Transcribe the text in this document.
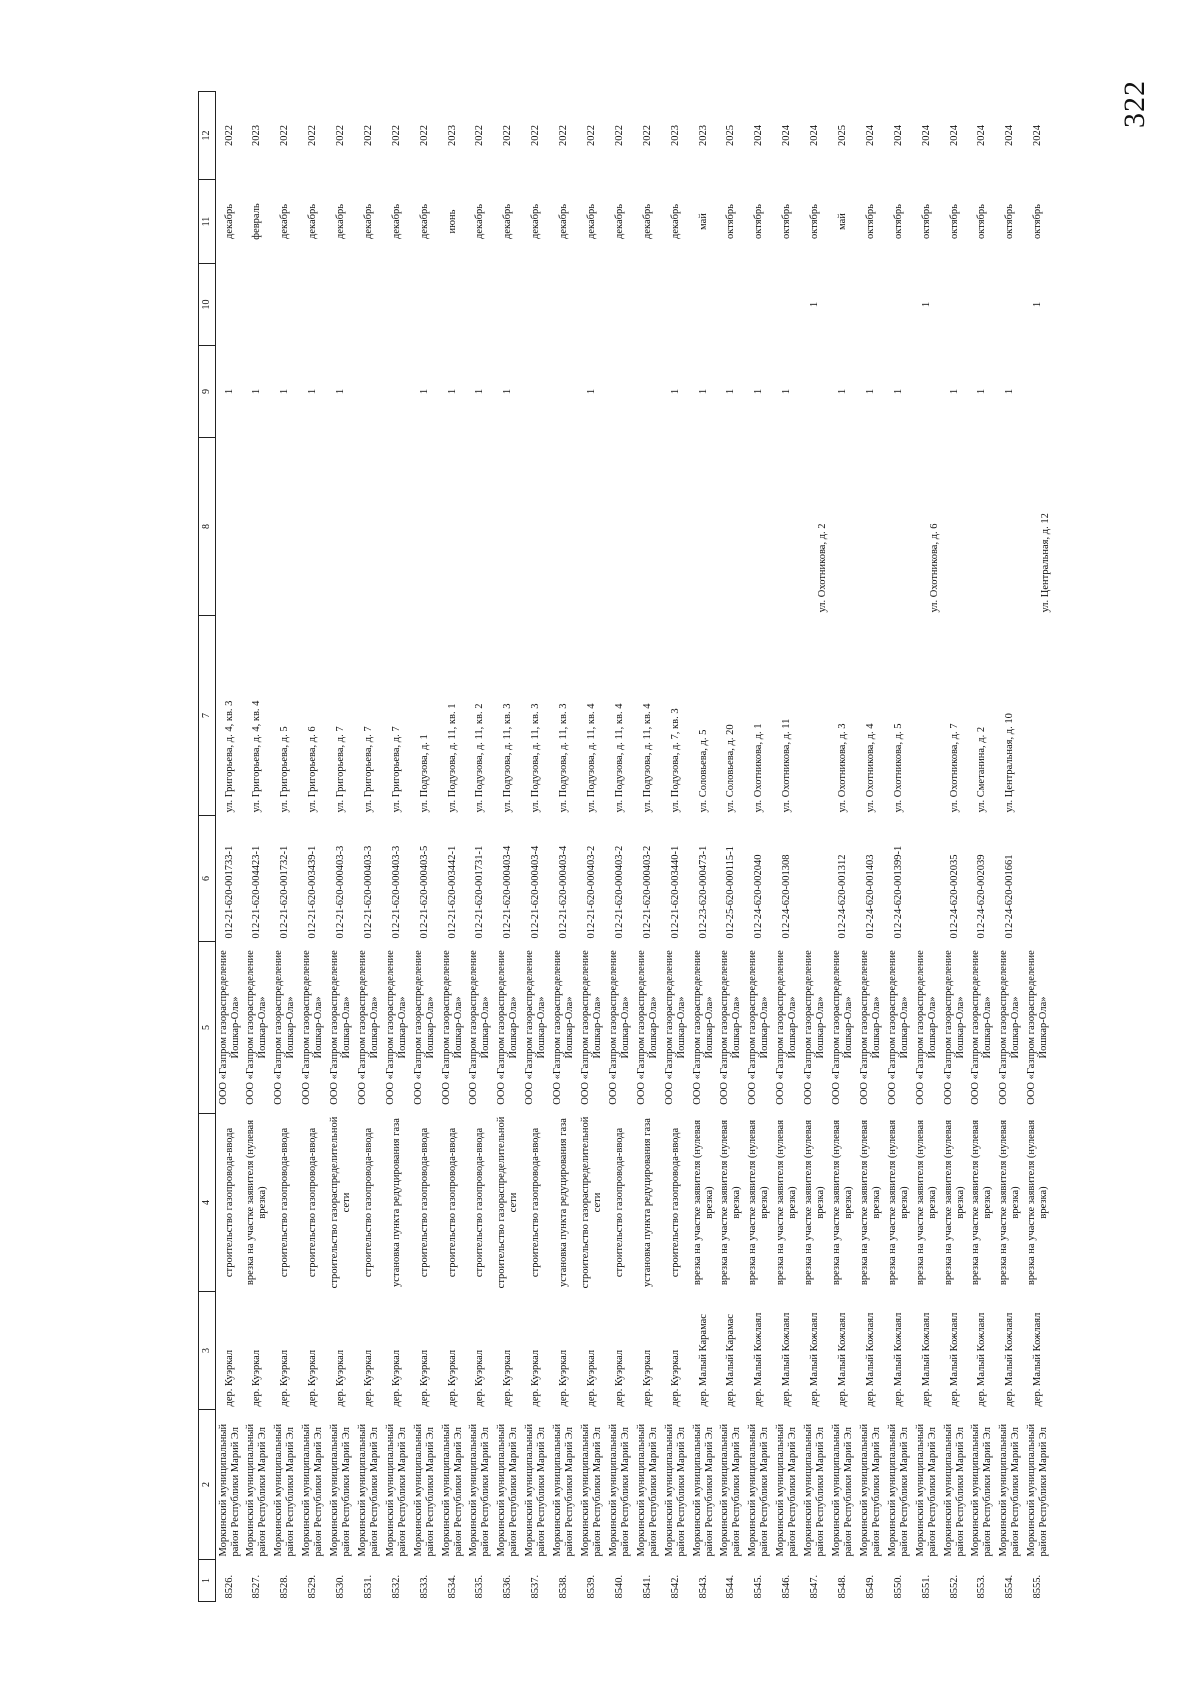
322
1	2	3	4	5	6	7	8	9	10	11	12
8526.	Моркинский муниципальный район Республики Марий Эл	дер. Куэркал	строительство газопровода-ввода	ООО «Газпром газораспределение Йошкар-Ола»	012-21-620-001733-1	ул. Григорьева, д. 4, кв. 3		1		декабрь	2022
8527.	Моркинский муниципальный район Республики Марий Эл	дер. Куэркал	врезка на участке заявителя (нулевая врезка)	ООО «Газпром газораспределение Йошкар-Ола»	012-21-620-004423-1	ул. Григорьева, д. 4, кв. 4		1		февраль	2023
8528.	Моркинский муниципальный район Республики Марий Эл	дер. Куэркал	строительство газопровода-ввода	ООО «Газпром газораспределение Йошкар-Ола»	012-21-620-001732-1	ул. Григорьева, д. 5		1		декабрь	2022
8529.	Моркинский муниципальный район Республики Марий Эл	дер. Куэркал	строительство газопровода-ввода	ООО «Газпром газораспределение Йошкар-Ола»	012-21-620-003439-1	ул. Григорьева, д. 6		1		декабрь	2022
8530.	Моркинский муниципальный район Республики Марий Эл	дер. Куэркал	строительство газораспределительной сети	ООО «Газпром газораспределение Йошкар-Ола»	012-21-620-000403-3	ул. Григорьева, д. 7		1		декабрь	2022
8531.	Моркинский муниципальный район Республики Марий Эл	дер. Куэркал	строительство газопровода-ввода	ООО «Газпром газораспределение Йошкар-Ола»	012-21-620-000403-3	ул. Григорьева, д. 7				декабрь	2022
8532.	Моркинский муниципальный район Республики Марий Эл	дер. Куэркал	установка пункта редуцирования газа	ООО «Газпром газораспределение Йошкар-Ола»	012-21-620-000403-3	ул. Григорьева, д. 7				декабрь	2022
8533.	Моркинский муниципальный район Республики Марий Эл	дер. Куэркал	строительство газопровода-ввода	ООО «Газпром газораспределение Йошкар-Ола»	012-21-620-000403-5	ул. Подузова, д. 1		1		декабрь	2022
8534.	Моркинский муниципальный район Республики Марий Эл	дер. Куэркал	строительство газопровода-ввода	ООО «Газпром газораспределение Йошкар-Ола»	012-21-620-003442-1	ул. Подузова, д. 11, кв. 1		1		июнь	2023
8535.	Моркинский муниципальный район Республики Марий Эл	дер. Куэркал	строительство газопровода-ввода	ООО «Газпром газораспределение Йошкар-Ола»	012-21-620-001731-1	ул. Подузова, д. 11, кв. 2		1		декабрь	2022
8536.	Моркинский муниципальный район Республики Марий Эл	дер. Куэркал	строительство газораспределительной сети	ООО «Газпром газораспределение Йошкар-Ола»	012-21-620-000403-4	ул. Подузова, д. 11, кв. 3		1		декабрь	2022
8537.	Моркинский муниципальный район Республики Марий Эл	дер. Куэркал	строительство газопровода-ввода	ООО «Газпром газораспределение Йошкар-Ола»	012-21-620-000403-4	ул. Подузова, д. 11, кв. 3				декабрь	2022
8538.	Моркинский муниципальный район Республики Марий Эл	дер. Куэркал	установка пункта редуцирования газа	ООО «Газпром газораспределение Йошкар-Ола»	012-21-620-000403-4	ул. Подузова, д. 11, кв. 3				декабрь	2022
8539.	Моркинский муниципальный район Республики Марий Эл	дер. Куэркал	строительство газораспределительной сети	ООО «Газпром газораспределение Йошкар-Ола»	012-21-620-000403-2	ул. Подузова, д. 11, кв. 4		1		декабрь	2022
8540.	Моркинский муниципальный район Республики Марий Эл	дер. Куэркал	строительство газопровода-ввода	ООО «Газпром газораспределение Йошкар-Ола»	012-21-620-000403-2	ул. Подузова, д. 11, кв. 4				декабрь	2022
8541.	Моркинский муниципальный район Республики Марий Эл	дер. Куэркал	установка пункта редуцирования газа	ООО «Газпром газораспределение Йошкар-Ола»	012-21-620-000403-2	ул. Подузова, д. 11, кв. 4				декабрь	2022
8542.	Моркинский муниципальный район Республики Марий Эл	дер. Куэркал	строительство газопровода-ввода	ООО «Газпром газораспределение Йошкар-Ола»	012-21-620-003440-1	ул. Подузова, д. 7, кв. 3		1		декабрь	2023
8543.	Моркинский муниципальный район Республики Марий Эл	дер. Малый Карамас	врезка на участке заявителя (нулевая врезка)	ООО «Газпром газораспределение Йошкар-Ола»	012-23-620-000473-1	ул. Соловьева, д. 5		1		май	2023
8544.	Моркинский муниципальный район Республики Марий Эл	дер. Малый Карамас	врезка на участке заявителя (нулевая врезка)	ООО «Газпром газораспределение Йошкар-Ола»	012-25-620-000115-1	ул. Соловьева, д. 20		1		октябрь	2025
8545.	Моркинский муниципальный район Республики Марий Эл	дер. Малый Кожлаял	врезка на участке заявителя (нулевая врезка)	ООО «Газпром газораспределение Йошкар-Ола»	012-24-620-002040	ул. Охотникова, д. 1		1		октябрь	2024
8546.	Моркинский муниципальный район Республики Марий Эл	дер. Малый Кожлаял	врезка на участке заявителя (нулевая врезка)	ООО «Газпром газораспределение Йошкар-Ола»	012-24-620-001308	ул. Охотникова, д. 11		1		октябрь	2024
8547.	Моркинский муниципальный район Республики Марий Эл	дер. Малый Кожлаял	врезка на участке заявителя (нулевая врезка)	ООО «Газпром газораспределение Йошкар-Ола»			ул. Охотникова, д. 2		1	октябрь	2024
8548.	Моркинский муниципальный район Республики Марий Эл	дер. Малый Кожлаял	врезка на участке заявителя (нулевая врезка)	ООО «Газпром газораспределение Йошкар-Ола»	012-24-620-001312	ул. Охотникова, д. 3		1		май	2025
8549.	Моркинский муниципальный район Республики Марий Эл	дер. Малый Кожлаял	врезка на участке заявителя (нулевая врезка)	ООО «Газпром газораспределение Йошкар-Ола»	012-24-620-001403	ул. Охотникова, д. 4		1		октябрь	2024
8550.	Моркинский муниципальный район Республики Марий Эл	дер. Малый Кожлаял	врезка на участке заявителя (нулевая врезка)	ООО «Газпром газораспределение Йошкар-Ола»	012-24-620-001399-1	ул. Охотникова, д. 5		1		октябрь	2024
8551.	Моркинский муниципальный район Республики Марий Эл	дер. Малый Кожлаял	врезка на участке заявителя (нулевая врезка)	ООО «Газпром газораспределение Йошкар-Ола»			ул. Охотникова, д. 6		1	октябрь	2024
8552.	Моркинский муниципальный район Республики Марий Эл	дер. Малый Кожлаял	врезка на участке заявителя (нулевая врезка)	ООО «Газпром газораспределение Йошкар-Ола»	012-24-620-002035	ул. Охотникова, д. 7		1		октябрь	2024
8553.	Моркинский муниципальный район Республики Марий Эл	дер. Малый Кожлаял	врезка на участке заявителя (нулевая врезка)	ООО «Газпром газораспределение Йошкар-Ола»	012-24-620-002039	ул. Сметанина, д. 2		1		октябрь	2024
8554.	Моркинский муниципальный район Республики Марий Эл	дер. Малый Кожлаял	врезка на участке заявителя (нулевая врезка)	ООО «Газпром газораспределение Йошкар-Ола»	012-24-620-001661	ул. Центральная, д. 10		1		октябрь	2024
8555.	Моркинский муниципальный район Республики Марий Эл	дер. Малый Кожлаял	врезка на участке заявителя (нулевая врезка)	ООО «Газпром газораспределение Йошкар-Ола»			ул. Центральная, д. 12		1	октябрь	2024
